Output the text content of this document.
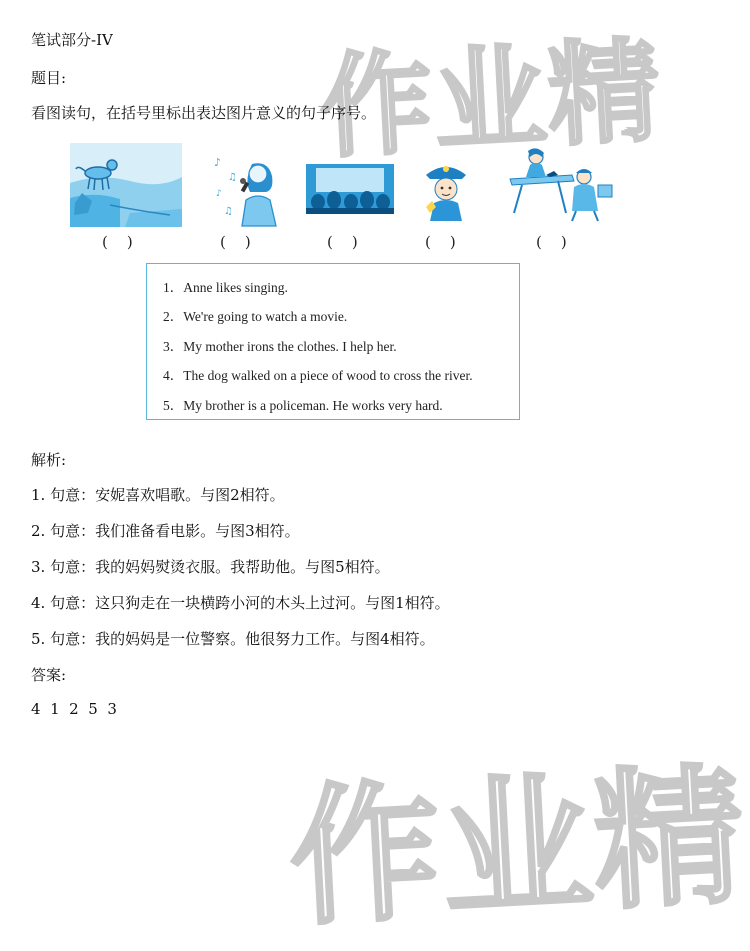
作业精
作业精
笔试部分-IV
题目:
看图读句，在括号里标出表达图片意义的句子序号。
♪
♫
♪
♫
(    )	(    )	(    )	(    )	(    )
1．Anne likes singing.
2．We're going to watch a movie.
3．My mother irons the clothes. I help her.
4．The dog walked on a piece of wood to cross the river.
5．My brother is a policeman. He works very hard.
解析:
1. 句意：安妮喜欢唱歌。与图2相符。
2. 句意：我们准备看电影。与图3相符。
3. 句意：我的妈妈熨烫衣服。我帮助他。与图5相符。
4. 句意：这只狗走在一块横跨小河的木头上过河。与图1相符。
5. 句意：我的妈妈是一位警察。他很努力工作。与图4相符。
答案:
4  1  2  5  3
